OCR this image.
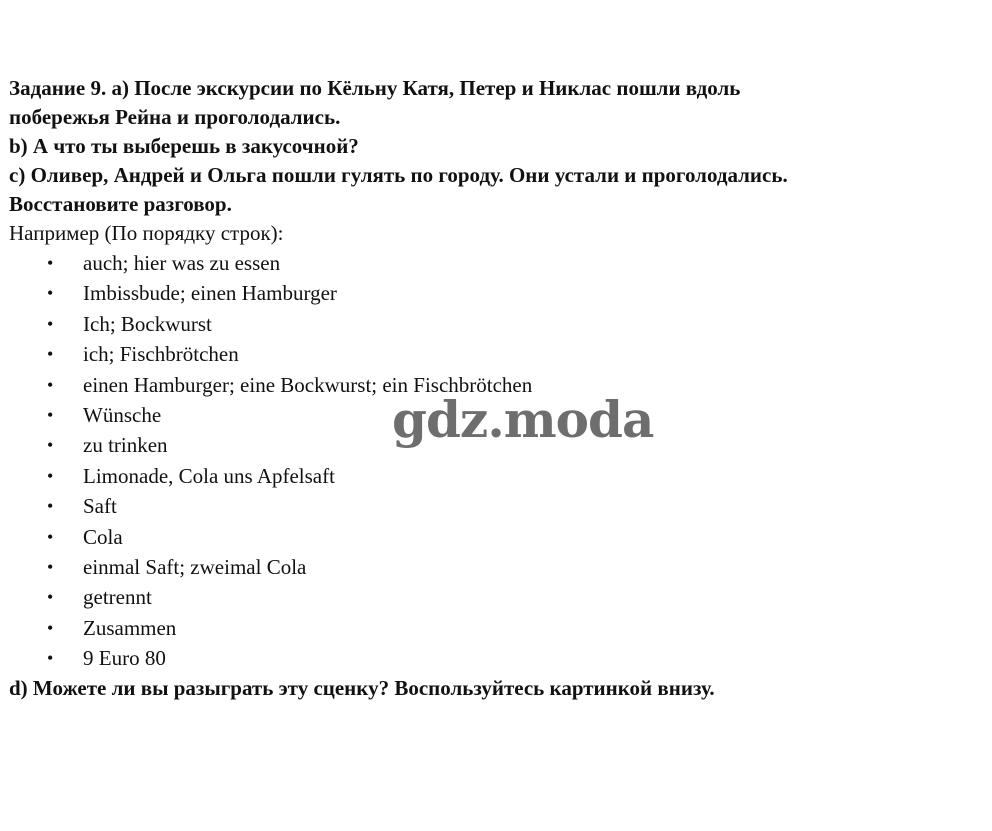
Задание 9. a) После экскурсии по Кёльну Катя, Петер и Никлас пошли вдоль

побережья Рейна и проголодались.

b) А что ты выберешь в закусочной?

c) Оливер, Андрей и Ольга пошли гулять по городу. Они устали и проголодались.

Восстановите разговор.

Например (По порядку строк):

• auch; hier was zu essen
• Imbissbude; einen Hamburger
• Ich; Bockwurst
• ich; Fischbrötchen
• einen Hamburger; eine Bockwurst; ein Fischbrötchen
• Wünsche
• zu trinken
• Limonade, Cola uns Apfelsaft
• Saft
• Cola
• einmal Saft; zweimal Cola
• getrennt
• Zusammen
• 9 Euro 80

d) Можете ли вы разыграть эту сценку? Воспользуйтесь картинкой внизу.

gdz.moda
